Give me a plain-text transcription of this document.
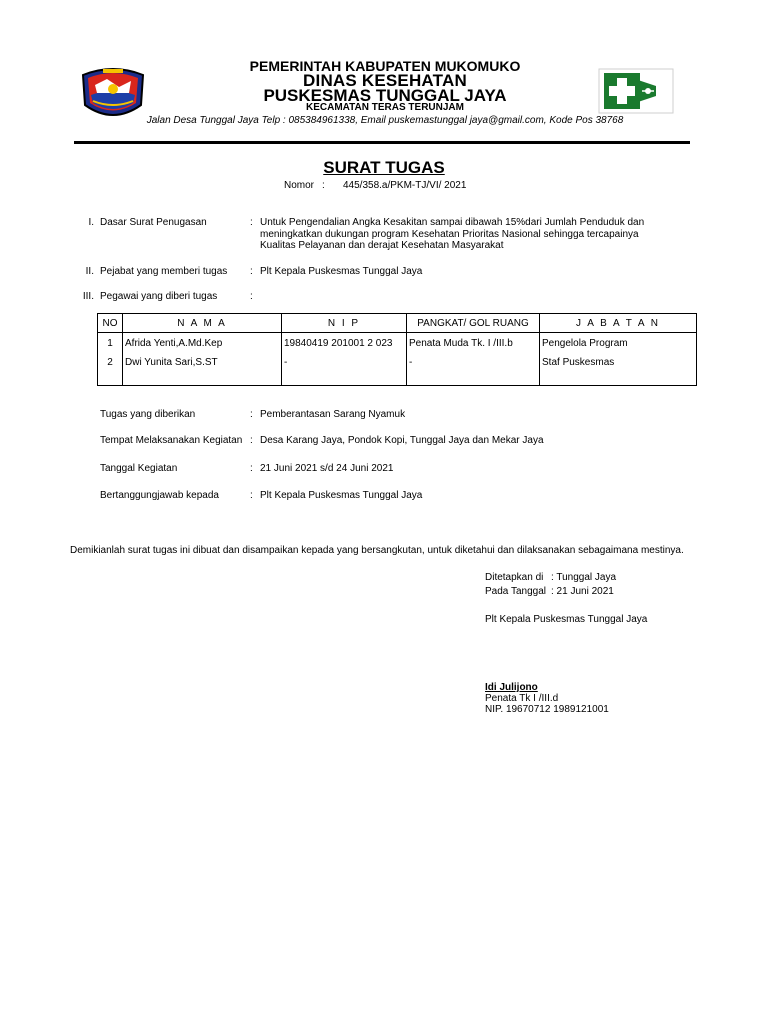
PEMERINTAH KABUPATEN MUKOMUKO
DINAS KESEHATAN
PUSKESMAS TUNGGAL JAYA
KECAMATAN TERAS TERUNJAM
Jalan Desa Tunggal Jaya Telp : 085384961338, Email puskemastunggal jaya@gmail.com, Kode Pos 38768
SURAT TUGAS
Nomor : 445/358.a/PKM-TJ/VI/ 2021
I. Dasar Surat Penugasan	: Untuk Pengendalian Angka Kesakitan sampai dibawah 15%dari Jumlah Penduduk dan
meningkatkan dukungan program Kesehatan Prioritas Nasional sehingga tercapainya
Kualitas Pelayanan dan derajat Kesehatan Masyarakat
II. Pejabat yang memberi tugas : Plt Kepala Puskesmas Tunggal Jaya
III. Pegawai yang diberi tugas	:
NO	N A M A	N I P	PANGKAT/ GOL RUANG	J A B A T A N
1	Afrida Yenti,A.Md.Kep	19840419 201001 2 023	Penata Muda Tk. I /III.b	Pengelola Program
2	Dwi Yunita Sari,S.ST	-	-	Staf Puskesmas
Tugas yang diberikan	: Pemberantasan Sarang Nyamuk
Tempat Melaksanakan Kegiatan : Desa Karang Jaya, Pondok Kopi, Tunggal Jaya dan Mekar Jaya
Tanggal Kegiatan	: 21 Juni 2021 s/d 24 Juni 2021
Bertanggungjawab kepada	: Plt Kepala Puskesmas Tunggal Jaya
Demikianlah surat tugas ini dibuat dan disampaikan kepada yang bersangkutan, untuk diketahui dan dilaksanakan sebagaimana mestinya.
Ditetapkan di : Tunggal Jaya
Pada Tanggal : 21 Juni 2021
Plt Kepala Puskesmas Tunggal Jaya
Idi Julijono
Penata Tk I /III.d
NIP. 19670712 1989121001
